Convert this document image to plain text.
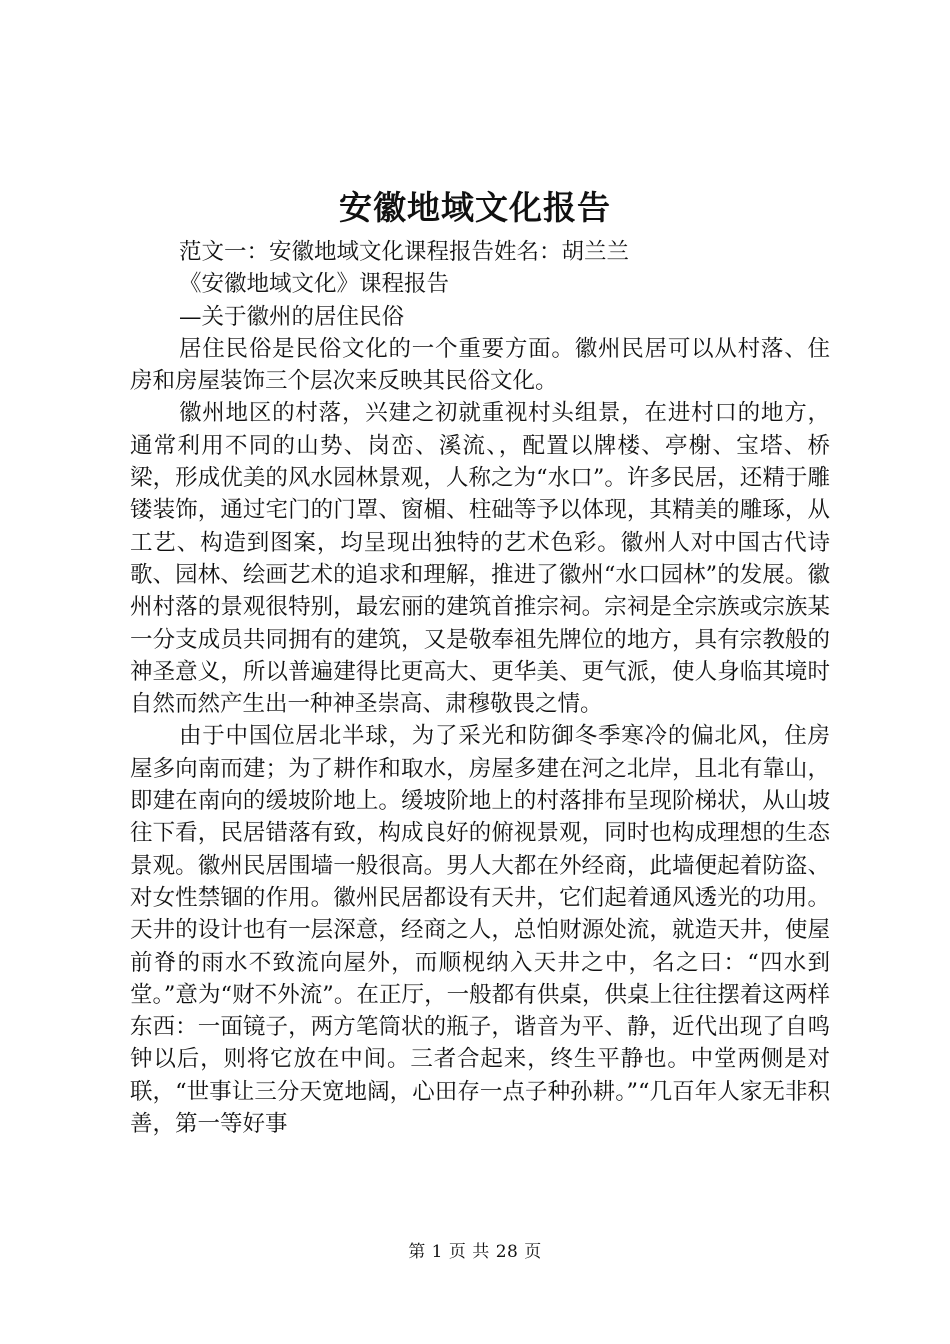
安徽地域文化报告

范文一：安徽地域文化课程报告姓名：胡兰兰

《安徽地域文化》课程报告

—关于徽州的居住民俗

居住民俗是民俗文化的一个重要方面。徽州民居可以从村落、住房和房屋装饰三个层次来反映其民俗文化。

徽州地区的村落，兴建之初就重视村头组景，在进村口的地方，通常利用不同的山势、岗峦、溪流、，配置以牌楼、亭榭、宝塔、桥梁，形成优美的风水园林景观，人称之为“水口”。许多民居，还精于雕镂装饰，通过宅门的门罩、窗楣、柱础等予以体现，其精美的雕琢，从工艺、构造到图案，均呈现出独特的艺术色彩。徽州人对中国古代诗歌、园林、绘画艺术的追求和理解，推进了徽州“水口园林”的发展。徽州村落的景观很特别，最宏丽的建筑首推宗祠。宗祠是全宗族或宗族某一分支成员共同拥有的建筑，又是敬奉祖先牌位的地方，具有宗教般的神圣意义，所以普遍建得比更高大、更华美、更气派，使人身临其境时自然而然产生出一种神圣崇高、肃穆敬畏之情。

由于中国位居北半球，为了采光和防御冬季寒冷的偏北风，住房屋多向南而建；为了耕作和取水，房屋多建在河之北岸，且北有靠山，即建在南向的缓坡阶地上。缓坡阶地上的村落排布呈现阶梯状，从山坡往下看，民居错落有致，构成良好的俯视景观，同时也构成理想的生态景观。徽州民居围墙一般很高。男人大都在外经商，此墙便起着防盗、对女性禁锢的作用。徽州民居都设有天井，它们起着通风透光的功用。天井的设计也有一层深意，经商之人，总怕财源处流，就造天井，使屋前脊的雨水不致流向屋外，而顺枧纳入天井之中，名之曰：“四水到堂。”意为“财不外流”。在正厅，一般都有供桌，供桌上往往摆着这两样东西：一面镜子，两方笔筒状的瓶子，谐音为平、静，近代出现了自鸣钟以后，则将它放在中间。三者合起来，终生平静也。中堂两侧是对联，“世事让三分天宽地阔，心田存一点子种孙耕。”“几百年人家无非积善，第一等好事

第 1 页 共 28 页
